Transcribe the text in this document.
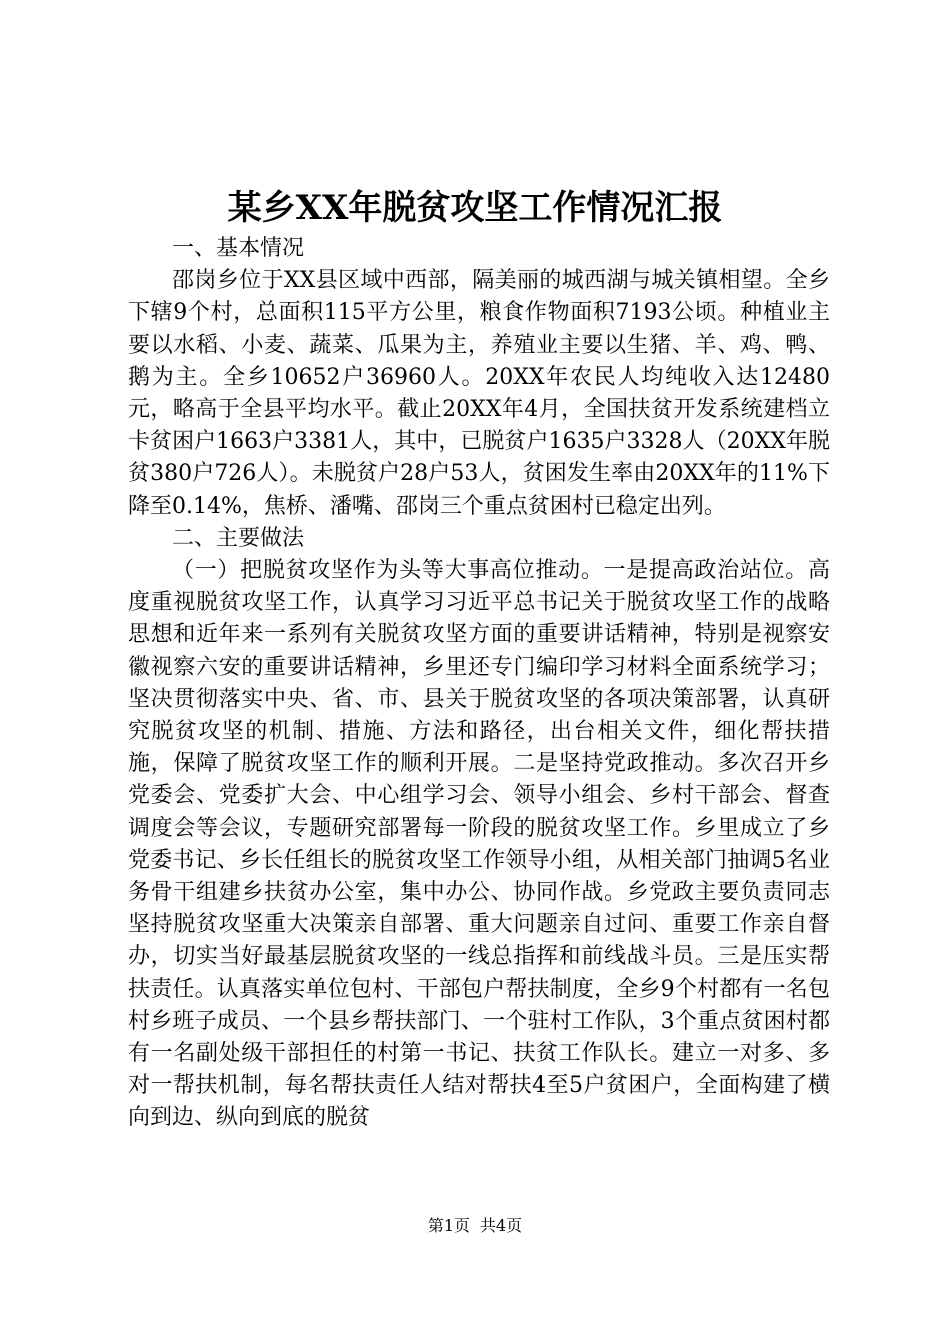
某乡XX年脱贫攻坚工作情况汇报

一、基本情况

邵岗乡位于XX县区域中西部，隔美丽的城西湖与城关镇相望。全乡下辖9个村，总面积115平方公里，粮食作物面积7193公顷。种植业主要以水稻、小麦、蔬菜、瓜果为主，养殖业主要以生猪、羊、鸡、鸭、鹅为主。全乡10652户36960人。20XX年农民人均纯收入达12480元，略高于全县平均水平。截止20XX年4月，全国扶贫开发系统建档立卡贫困户1663户3381人，其中，已脱贫户1635户3328人（20XX年脱贫380户726人）。未脱贫户28户53人，贫困发生率由20XX年的11%下降至0.14%，焦桥、潘嘴、邵岗三个重点贫困村已稳定出列。

二、主要做法

（一）把脱贫攻坚作为头等大事高位推动。一是提高政治站位。高度重视脱贫攻坚工作，认真学习习近平总书记关于脱贫攻坚工作的战略思想和近年来一系列有关脱贫攻坚方面的重要讲话精神，特别是视察安徽视察六安的重要讲话精神，乡里还专门编印学习材料全面系统学习；坚决贯彻落实中央、省、市、县关于脱贫攻坚的各项决策部署，认真研究脱贫攻坚的机制、措施、方法和路径，出台相关文件，细化帮扶措施，保障了脱贫攻坚工作的顺利开展。二是坚持党政推动。多次召开乡党委会、党委扩大会、中心组学习会、领导小组会、乡村干部会、督查调度会等会议，专题研究部署每一阶段的脱贫攻坚工作。乡里成立了乡党委书记、乡长任组长的脱贫攻坚工作领导小组，从相关部门抽调5名业务骨干组建乡扶贫办公室，集中办公、协同作战。乡党政主要负责同志坚持脱贫攻坚重大决策亲自部署、重大问题亲自过问、重要工作亲自督办，切实当好最基层脱贫攻坚的一线总指挥和前线战斗员。三是压实帮扶责任。认真落实单位包村、干部包户帮扶制度，全乡9个村都有一名包村乡班子成员、一个县乡帮扶部门、一个驻村工作队，3个重点贫困村都有一名副处级干部担任的村第一书记、扶贫工作队长。建立一对多、多对一帮扶机制，每名帮扶责任人结对帮扶4至5户贫困户，全面构建了横向到边、纵向到底的脱贫

第1页 共4页
